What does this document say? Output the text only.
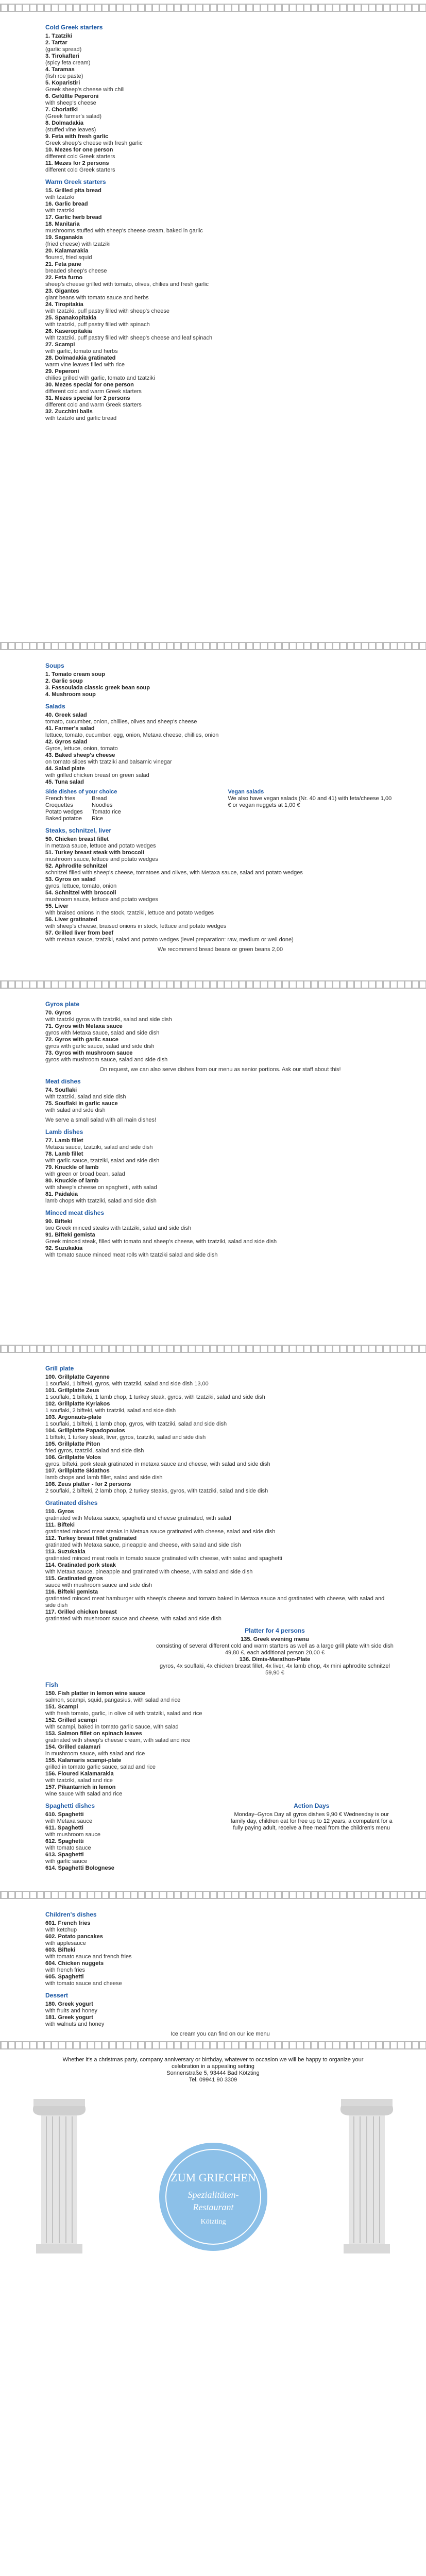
Cold Greek starters
1. Tzatziki
2. Tartar
(garlic spread)
3. Tirokafteri
(spicy feta cream)
4. Taramas
(fish roe paste)
5. Koparistiri
Greek sheep's cheese with chili
6. Gefüllte Peperoni
with sheep's cheese
7. Choriatiki
(Greek farmer's salad)
8. Dolmadakia
(stuffed vine leaves)
9. Feta with fresh garlic
Greek sheep's cheese with fresh garlic
10. Mezes for one person
different cold Greek starters
11. Mezes for 2 persons
different cold Greek starters
Warm Greek starters
15. Grilled pita bread
with tzatziki
16. Garlic bread
with tzatziki
17. Garlic herb bread
18. Manitaria
mushrooms stuffed with sheep's cheese cream, baked in garlic
19. Saganakia
(fried cheese) with tzatziki
20. Kalamarakia
floured, fried squid
21. Feta pane
breaded sheep's cheese
22. Feta furno
sheep's cheese grilled with tomato, olives, chilies and fresh garlic
23. Gigantes
giant beans with tomato sauce and herbs
24. Tiropitakia
with tzatziki, puff pastry filled with sheep's cheese
25. Spanakopitakia
with tzatziki, puff pastry filled with spinach
26. Kaseropitakia
with tzatziki, puff pastry filled with sheep's cheese and leaf spinach
27. Scampi
with garlic, tomato and herbs
28. Dolmadakia gratinated
warm vine leaves filled with rice
29. Peperoni
chilies grilled with garlic, tomato and tzatziki
30. Mezes special for one person
different cold and warm Greek starters
31. Mezes special for 2 persons
different cold and warm Greek starters
32. Zucchini balls
with tzatziki and garlic bread
Soups
1. Tomato cream soup
2. Garlic soup
3. Fassoulada classic greek bean soup
4. Mushroom soup
Salads
40. Greek salad
tomato, cucumber, onion, chillies, olives and sheep's cheese
41. Farmer's salad
lettuce, tomato, cucumber, egg, onion, Metaxa cheese, chillies, onion
42. Gyros salad
Gyros, lettuce, onion, tomato
43. Baked sheep's cheese
on tomato slices with tzatziki and balsamic vinegar
44. Salad plate
with grilled chicken breast on green salad
45. Tuna salad
Side dishes of your choice
French fries	Bread
Croquettes	Noodles
Potato wedges	Tomato rice
Baked potatoe	Rice
Vegan salads
We also have vegan salads (Nr. 40 and 41) with feta/cheese 1,00 € or vegan nuggets at 1,00 €
Steaks, schnitzel, liver
50. Chicken breast fillet
in metaxa sauce, lettuce and potato wedges
51. Turkey breast steak with broccoli
mushroom sauce, lettuce and potato wedges
52. Aphrodite schnitzel
schnitzel filled with sheep's cheese, tomatoes and olives, with Metaxa sauce, salad and potato wedges
53. Gyros on salad
gyros, lettuce, tomato, onion
54. Schnitzel with broccoli
mushroom sauce, lettuce and potato wedges
55. Liver
with braised onions in the stock, tzatziki, lettuce and potato wedges
56. Liver gratinated
with sheep's cheese, braised onions in stock, lettuce and potato wedges
57. Grilled liver from beef
with metaxa sauce, tzatziki, salad and potato wedges (level preparation: raw, medium or well done)
We recommend bread beans or green beans 2,00
Gyros plate
70. Gyros
with tzatziki gyros with tzatziki, salad and side dish
71. Gyros with Metaxa sauce
gyros with Metaxa sauce, salad and side dish
72. Gyros with garlic sauce
gyros with garlic sauce, salad and side dish
73. Gyros with mushroom sauce
gyros with mushroom sauce, salad and side dish
On request, we can also serve dishes from our menu as senior portions. Ask our staff about this!
Meat dishes
74. Souflaki
with tzatziki, salad and side dish
75. Souflaki in garlic sauce
with salad and side dish
We serve a small salad with all main dishes!
Lamb dishes
77. Lamb fillet
Metaxa sauce, tzatziki, salad and side dish
78. Lamb fillet
with garlic sauce, tzatziki, salad and side dish
79. Knuckle of lamb
with green or broad bean, salad
80. Knuckle of lamb
with sheep's cheese on spaghetti, with salad
81. Paidakia
lamb chops with tzatziki, salad and side dish
Minced meat dishes
90. Bifteki
two Greek minced steaks with tzatziki, salad and side dish
91. Bifteki gemista
Greek minced steak, filled with tomato and sheep's cheese, with tzatziki, salad and side dish
92. Suzukakia
with tomato sauce minced meat rolls with tzatziki salad and side dish
Grill plate
100. Grillplatte Cayenne
1 souflaki, 1 bifteki, gyros, with tzatziki, salad and side dish 13,00
101. Grillplatte Zeus
1 souflaki, 1 bifteki, 1 lamb chop, 1 turkey steak, gyros, with tzatziki, salad and side dish
102. Grillplatte Kyriakos
1 souflaki, 2 bifteki, with tzatziki, salad and side dish
103. Argonauts-plate
1 souflaki, 1 bifteki, 1 lamb chop, gyros, with tzatziki, salad and side dish
104. Grillplatte Papadopoulos
1 bifteki, 1 turkey steak, liver, gyros, tzatziki, salad and side dish
105. Grillplatte Piton
fried gyros, tzatziki, salad and side dish
106. Grillplatte Volos
gyros, bifteki, pork steak gratinated in metaxa sauce and cheese, with salad and side dish
107. Grillplatte Skiathos
lamb chops and lamb fillet, salad and side dish
108. Zeus platter - for 2 persons
2 souflaki, 2 bifteki, 2 lamb chop, 2 turkey steaks, gyros, with tzatziki, salad and side dish
Gratinated dishes
110. Gyros
gratinated with Metaxa sauce, spaghetti and cheese gratinated, with salad
111. Bifteki
gratinated minced meat steaks in Metaxa sauce gratinated with cheese, salad and side dish
112. Turkey breast fillet gratinated
gratinated with Metaxa sauce, pineapple and cheese, with salad and side dish
113. Suzukakia
gratinated minced meat rools in tomato sauce gratinated with cheese, with salad and spaghetti
114. Gratinated pork steak
with Metaxa sauce, pineapple and gratinated with cheese, with salad and side dish
115. Gratinated gyros
sauce with mushroom sauce and side dish
116. Bifteki gemista
gratinated minced meat hamburger with sheep's cheese and tomato baked in Metaxa sauce and gratinated with cheese, with salad and side dish
117. Grilled chicken breast
gratinated with mushroom sauce and cheese, with salad and side dish
Platter for 4 persons
135. Greek evening menu
consisting of several different cold and warm starters as well as a large grill plate with side dish 49,80 €, each additional person 20,00 €
136. Dimis-Marathon-Plate
gyros, 4x souflaki, 4x chicken breast fillet, 4x liver, 4x lamb chop, 4x mini aphrodite schnitzel 59,90 €
Fish
150. Fish platter in lemon wine sauce
salmon, scampi, squid, pangasius, with salad and rice
151. Scampi
with fresh tomato, garlic, in olive oil with tzatziki, salad and rice
152. Grilled scampi
with scampi, baked in tomato garlic sauce, with salad
153. Salmon fillet on spinach leaves
gratinated with sheep's cheese cream, with salad and rice
154. Grilled calamari
in mushroom sauce, with salad and rice
155. Kalamaris scampi-plate
grilled in tomato garlic sauce, salad and rice
156. Floured Kalamarakia
with tzatziki, salad and rice
157. Pikantarrich in lemon
wine sauce with salad and rice
Spaghetti dishes
610. Spaghetti
with Metaxa sauce
611. Spaghetti
with mushroom sauce
612. Spaghetti
with tomato sauce
613. Spaghetti
with garlic sauce
614. Spaghetti Bolognese
Action Days
Monday–Gyros Day all gyros dishes 9,90 € Wednesday is our family day, children eat for free up to 12 years, a compatent for a fully paying adult, receive a free meal from the children's menu
Children's dishes
601. French fries
with ketchup
602. Potato pancakes
with applesauce
603. Bifteki
with tomato sauce and french fries
604. Chicken nuggets
with french fries
605. Spaghetti
with tomato sauce and cheese
Dessert
180. Greek yogurt
with fruits and honey
181. Greek yogurt
with walnuts and honey
Ice cream you can find on our ice menu
Whether it's a christmas party, company anniversary or birthday, whatever to occasion we will be happy to organize your celebration in a appealing setting
Sonnenstraße 5, 93444 Bad Kötzting
Tel. 09941 90 3309
ZUM GRIECHEN
Spezialitäten-
Restaurant
Kötzting
